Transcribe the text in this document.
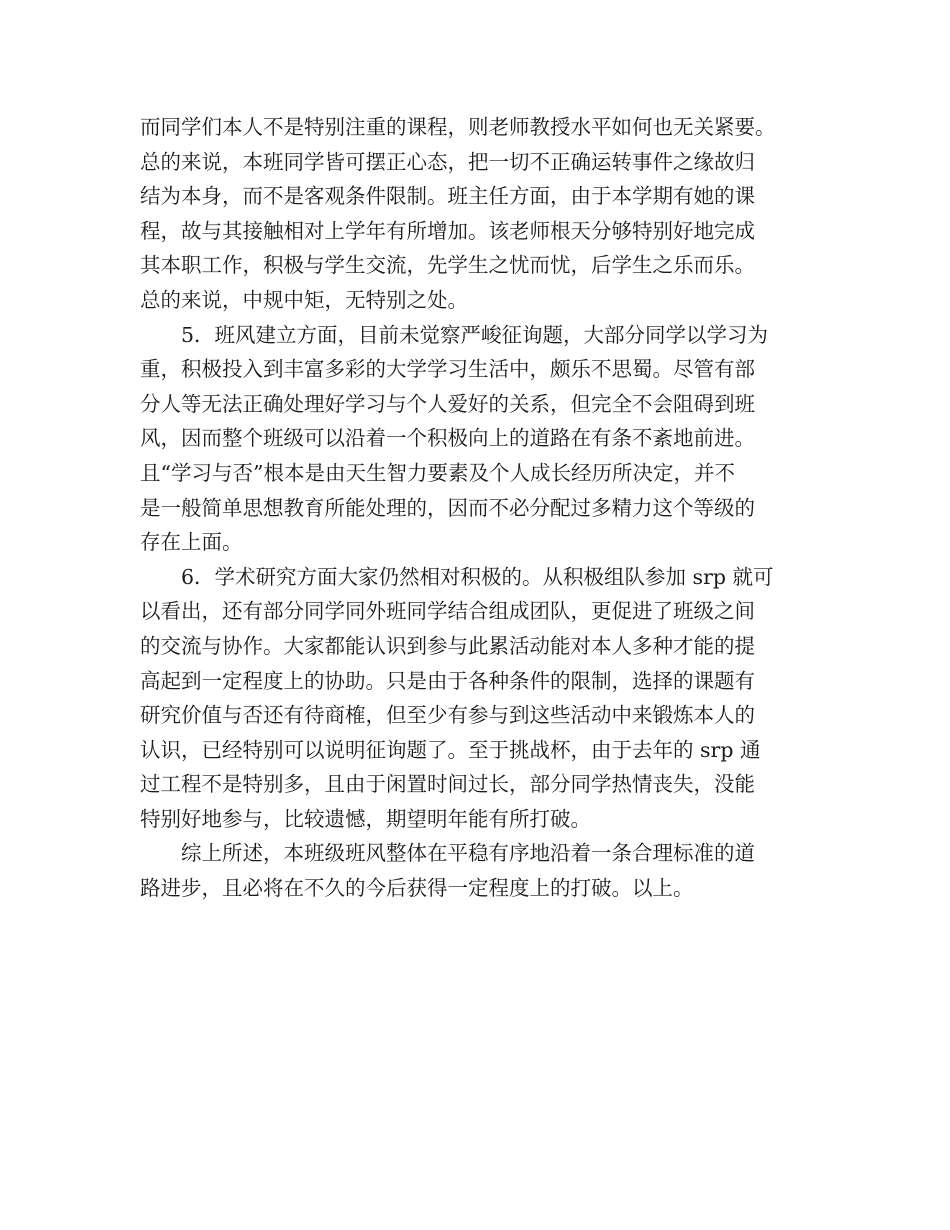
而同学们本人不是特别注重的课程，则老师教授水平如何也无关紧要。
总的来说，本班同学皆可摆正心态，把一切不正确运转事件之缘故归
结为本身，而不是客观条件限制。班主任方面，由于本学期有她的课
程，故与其接触相对上学年有所增加。该老师根天分够特别好地完成
其本职工作，积极与学生交流，先学生之忧而忧，后学生之乐而乐。
总的来说，中规中矩，无特别之处。
5．班风建立方面，目前未觉察严峻征询题，大部分同学以学习为
重，积极投入到丰富多彩的大学学习生活中，颇乐不思蜀。尽管有部
分人等无法正确处理好学习与个人爱好的关系，但完全不会阻碍到班
风，因而整个班级可以沿着一个积极向上的道路在有条不紊地前进。
且“学习与否”根本是由天生智力要素及个人成长经历所决定，并不
是一般简单思想教育所能处理的，因而不必分配过多精力这个等级的
存在上面。
6．学术研究方面大家仍然相对积极的。从积极组队参加 srp 就可
以看出，还有部分同学同外班同学结合组成团队，更促进了班级之间
的交流与协作。大家都能认识到参与此累活动能对本人多种才能的提
高起到一定程度上的协助。只是由于各种条件的限制，选择的课题有
研究价值与否还有待商榷，但至少有参与到这些活动中来锻炼本人的
认识，已经特别可以说明征询题了。至于挑战杯，由于去年的 srp 通
过工程不是特别多，且由于闲置时间过长，部分同学热情丧失，没能
特别好地参与，比较遗憾，期望明年能有所打破。
综上所述，本班级班风整体在平稳有序地沿着一条合理标准的道
路进步，且必将在不久的今后获得一定程度上的打破。以上。
